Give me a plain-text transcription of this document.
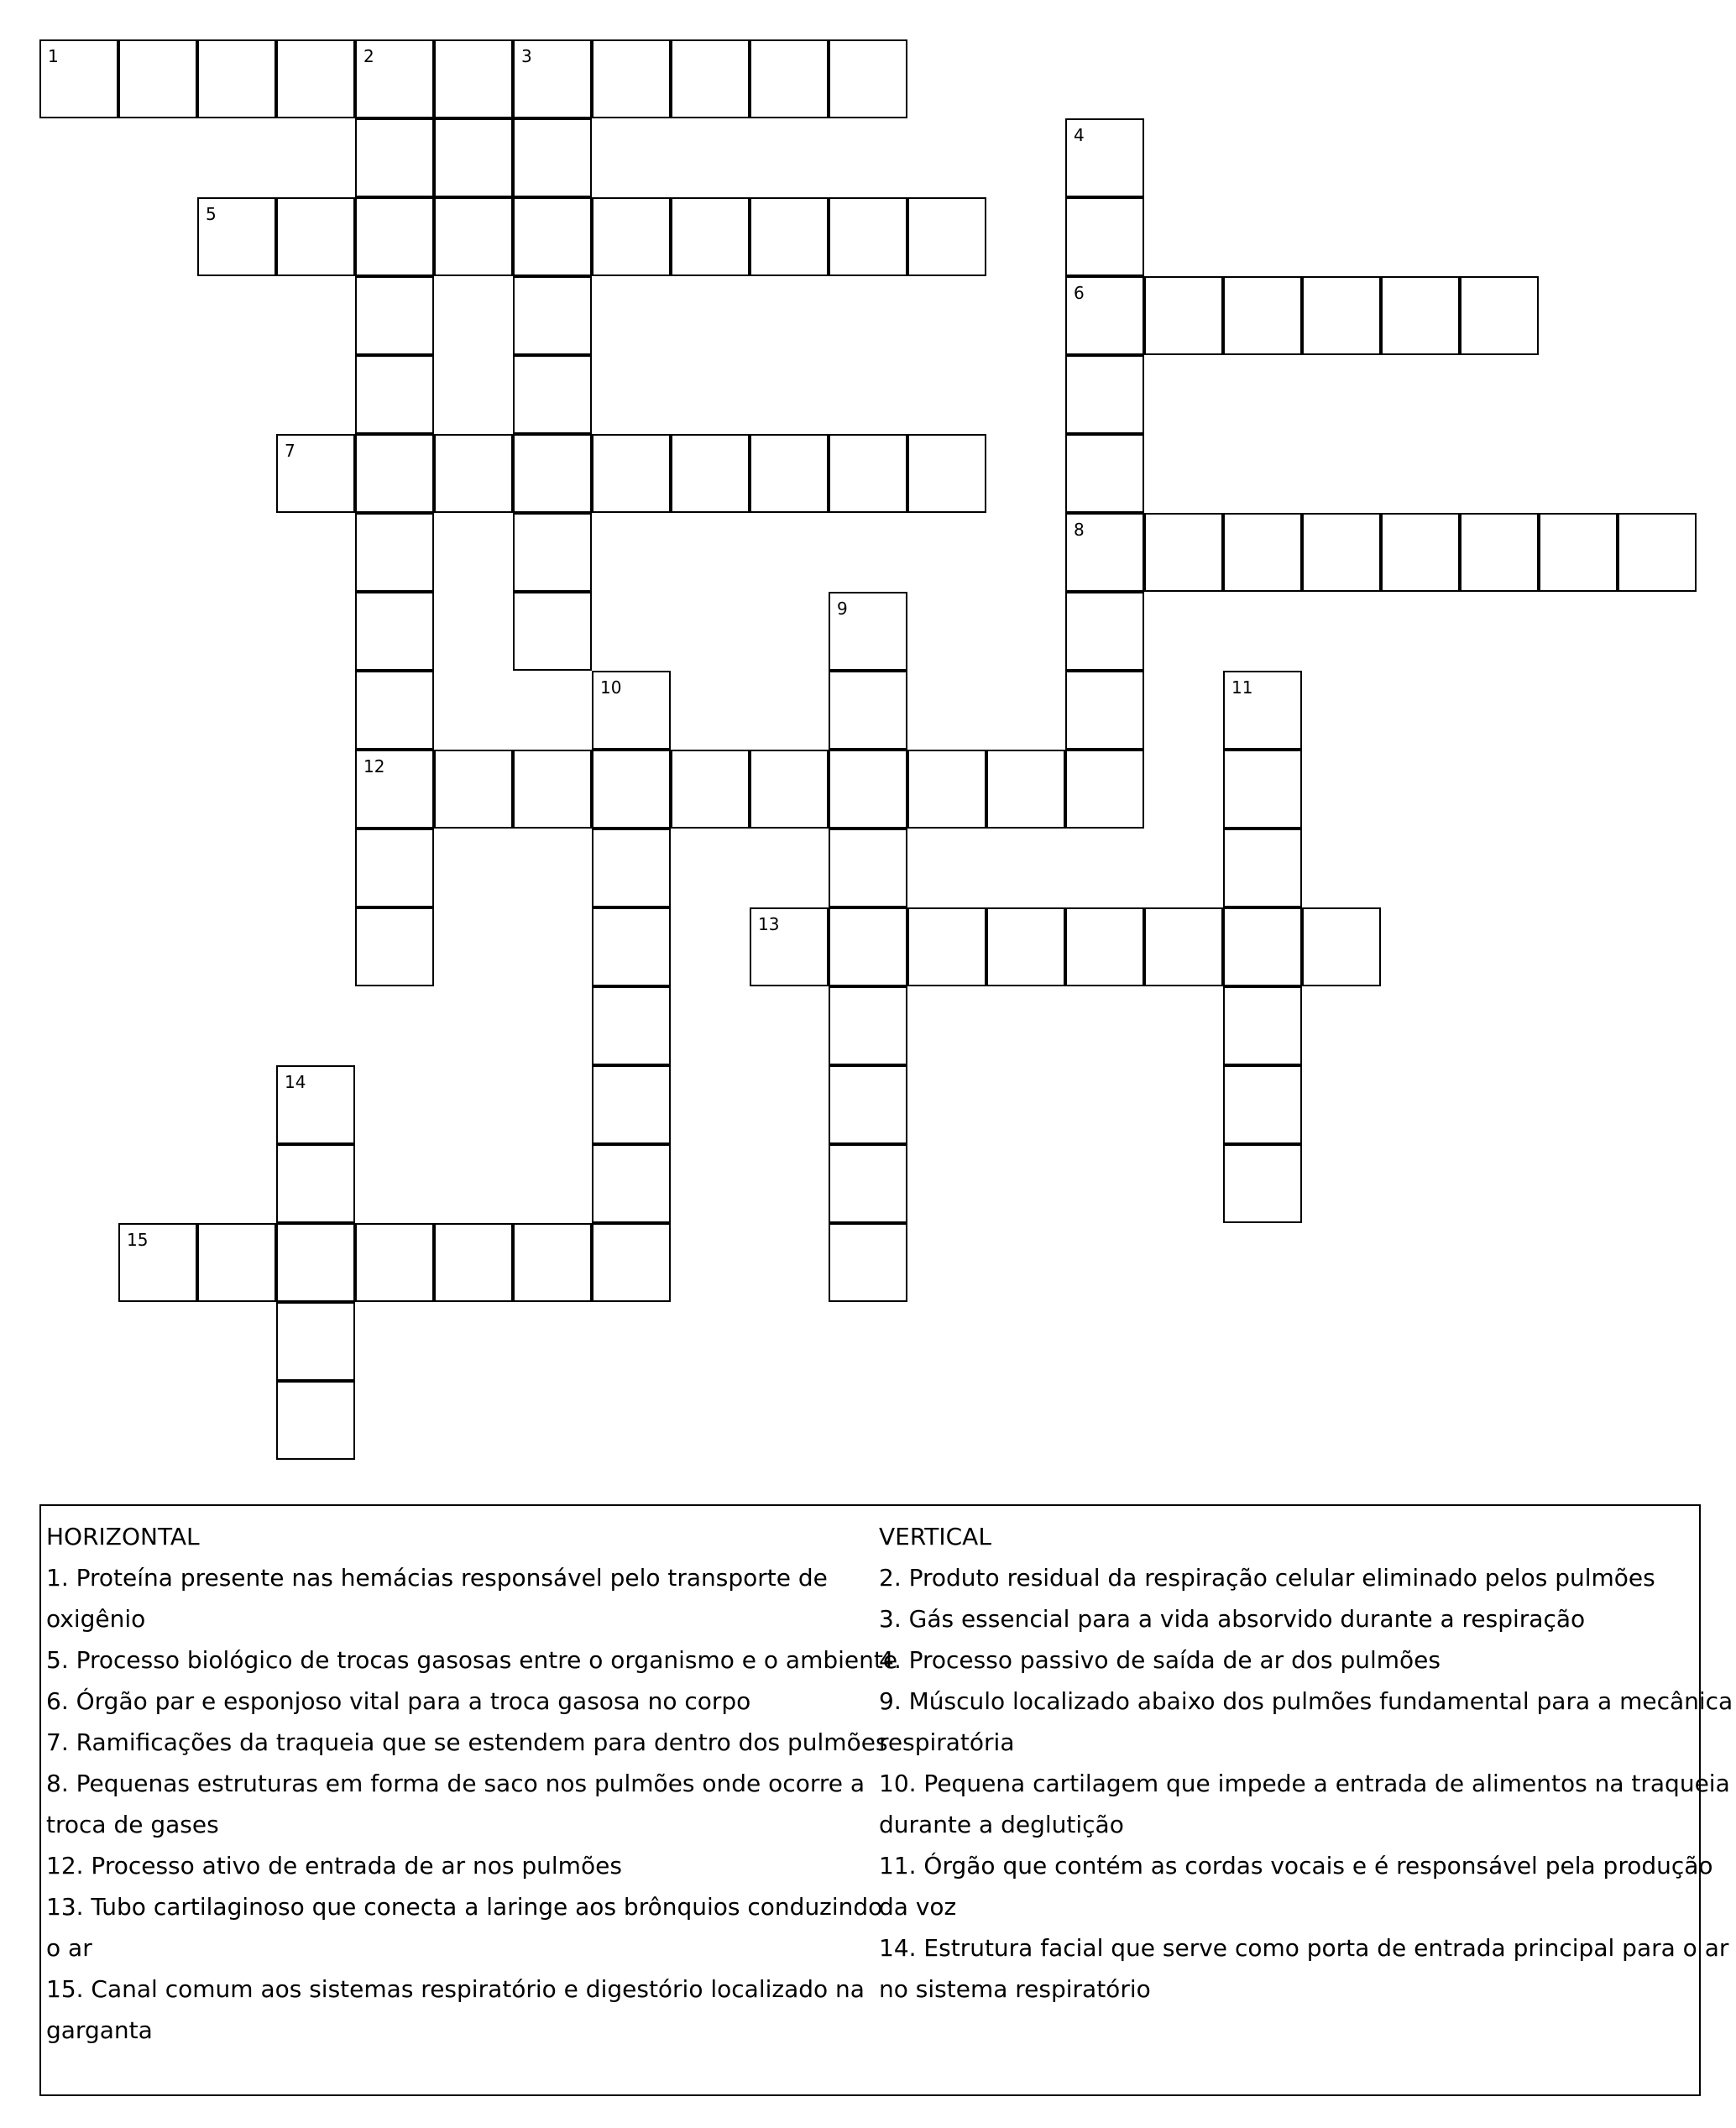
1	2	3
4
5
6
7
8
9
10	11
12
13
14
15
HORIZONTAL
1. Proteína presente nas hemácias responsável pelo transporte de
oxigênio
5. Processo biológico de trocas gasosas entre o organismo e o ambiente
6. Órgão par e esponjoso vital para a troca gasosa no corpo
7. Ramificações da traqueia que se estendem para dentro dos pulmões
8. Pequenas estruturas em forma de saco nos pulmões onde ocorre a
troca de gases
12. Processo ativo de entrada de ar nos pulmões
13. Tubo cartilaginoso que conecta a laringe aos brônquios conduzindo
o ar
15. Canal comum aos sistemas respiratório e digestório localizado na
garganta
VERTICAL
2. Produto residual da respiração celular eliminado pelos pulmões
3. Gás essencial para a vida absorvido durante a respiração
4. Processo passivo de saída de ar dos pulmões
9. Músculo localizado abaixo dos pulmões fundamental para a mecânica
respiratória
10. Pequena cartilagem que impede a entrada de alimentos na traqueia
durante a deglutição
11. Órgão que contém as cordas vocais e é responsável pela produção
da voz
14. Estrutura facial que serve como porta de entrada principal para o ar
no sistema respiratório
